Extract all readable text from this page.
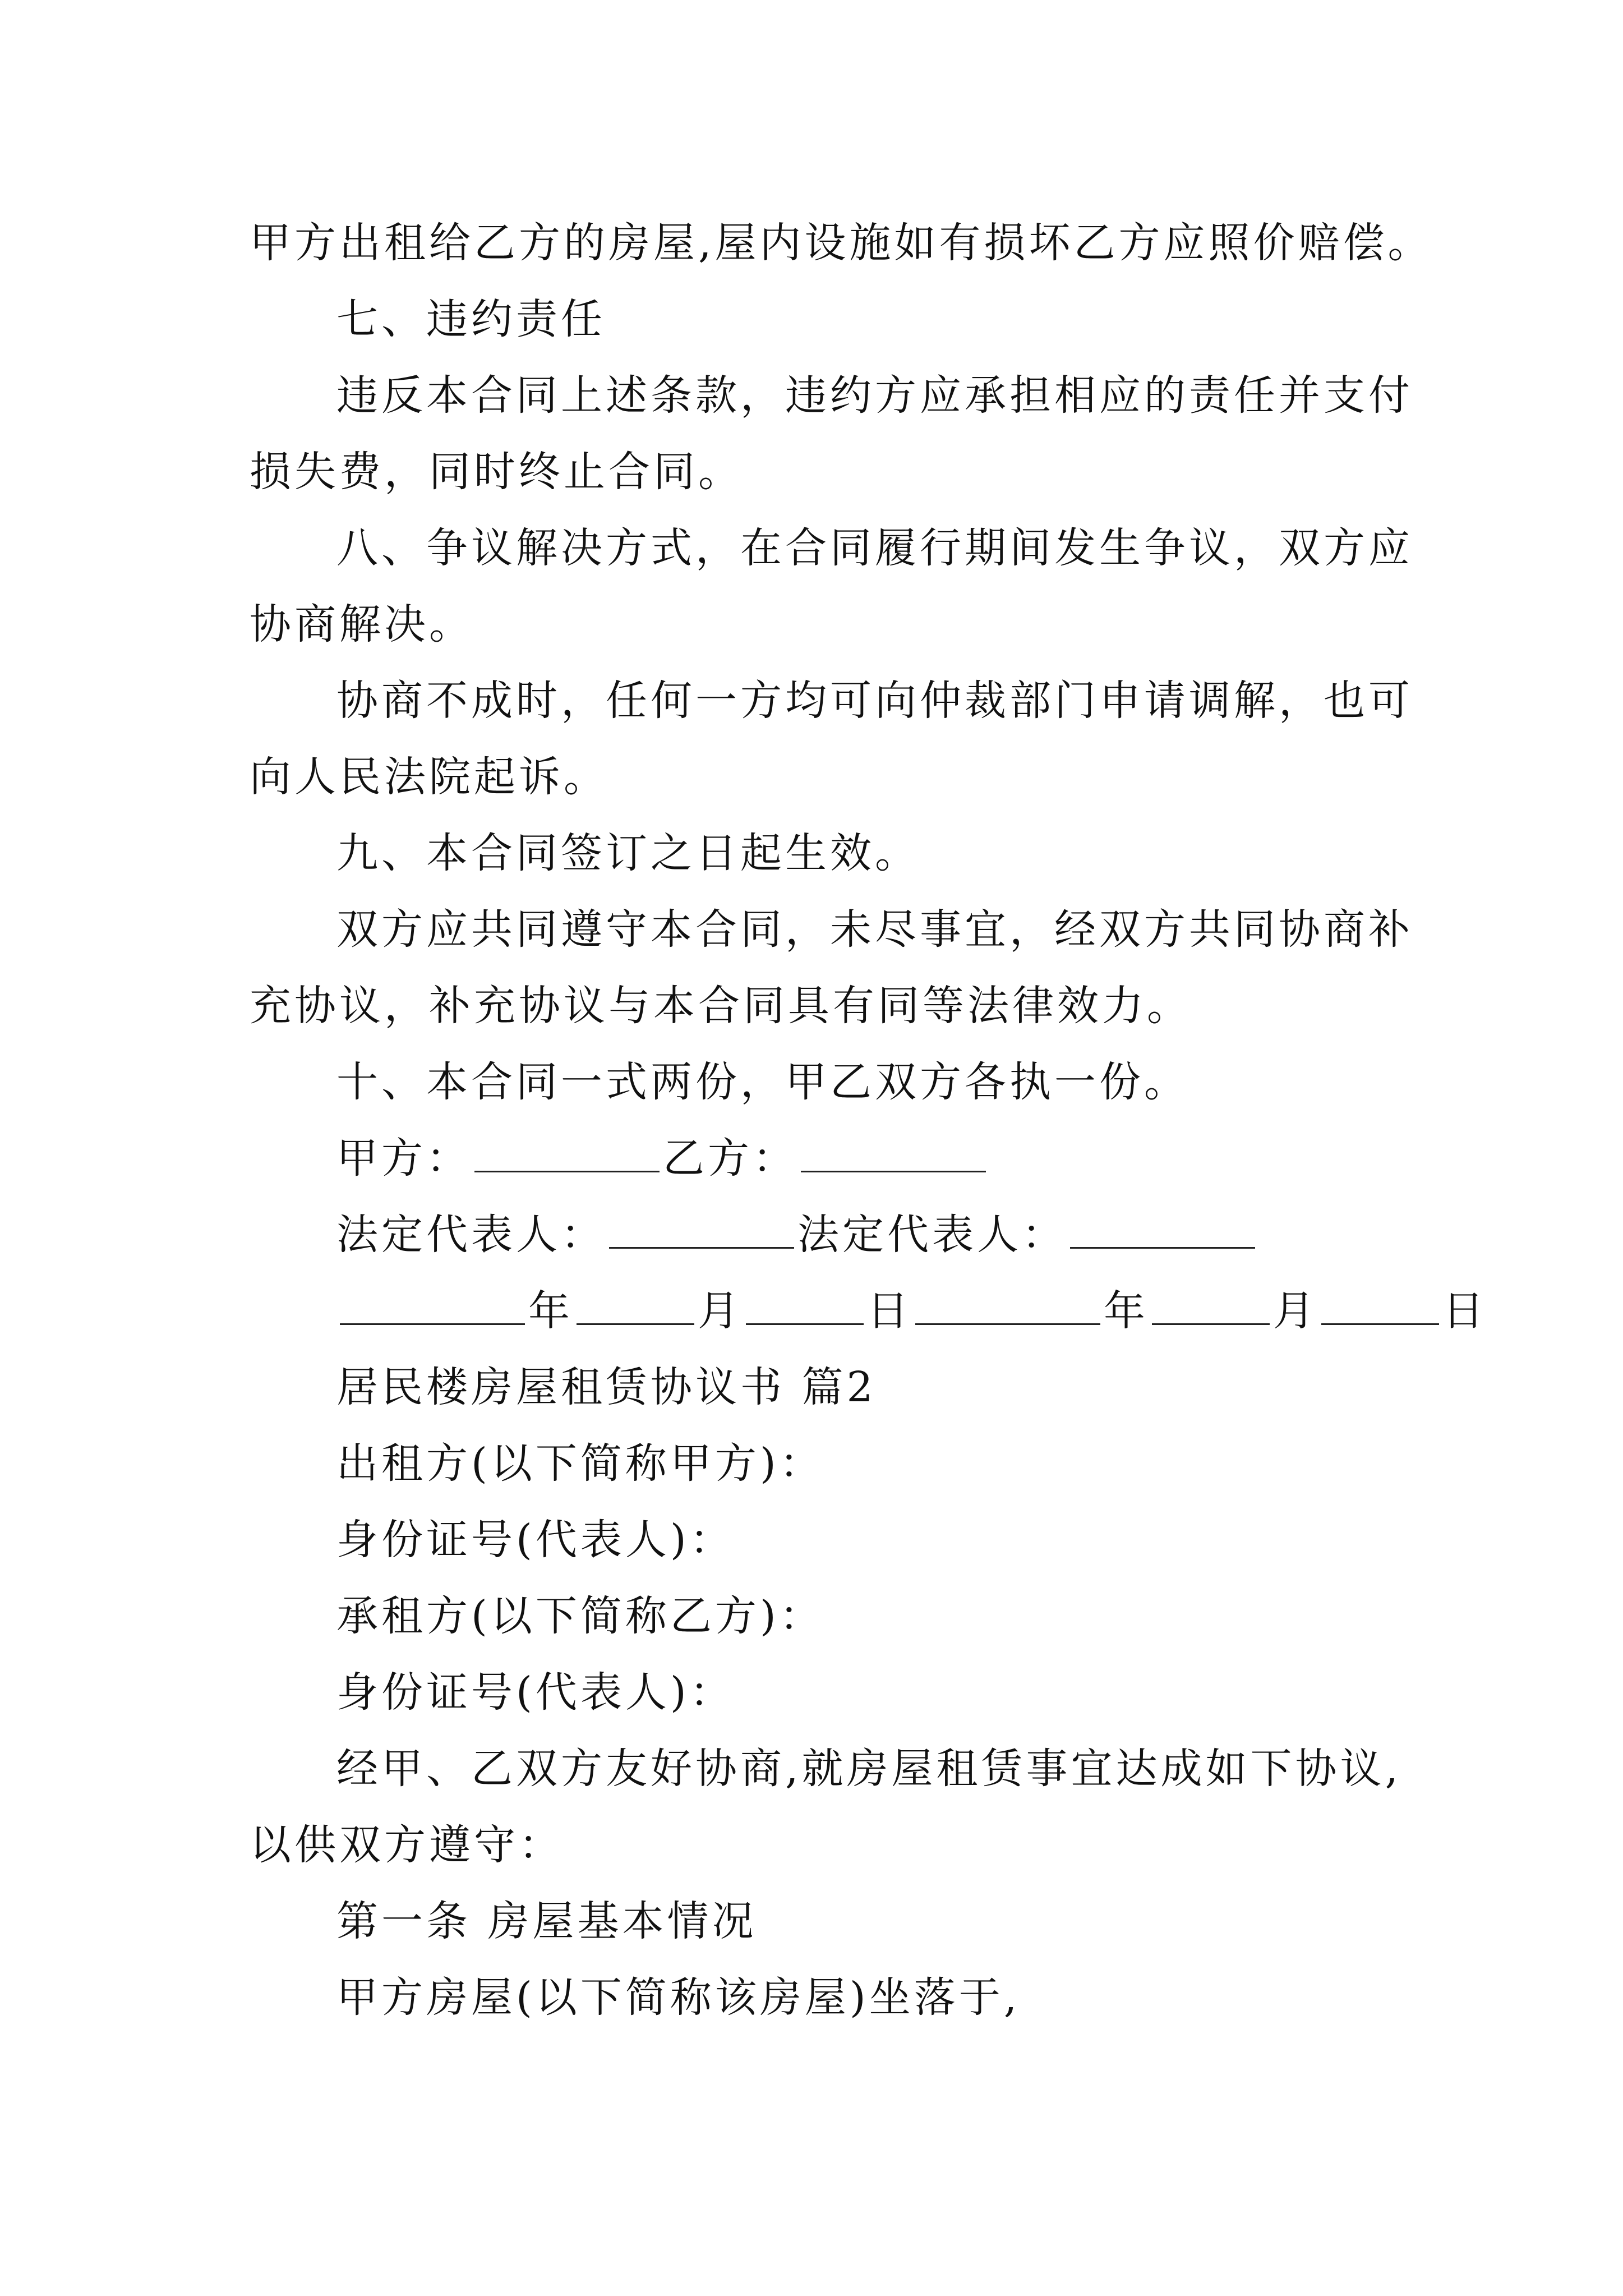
甲方出租给乙方的房屋,屋内设施如有损坏乙方应照价赔偿。
七、违约责任
违反本合同上述条款，违约方应承担相应的责任并支付
损失费，同时终止合同。
八、争议解决方式，在合同履行期间发生争议，双方应
协商解决。
协商不成时，任何一方均可向仲裁部门申请调解，也可
向人民法院起诉。
九、本合同签订之日起生效。
双方应共同遵守本合同，未尽事宜，经双方共同协商补
充协议，补充协议与本合同具有同等法律效力。
十、本合同一式两份，甲乙双方各执一份。
甲方：	乙方：
法定代表人：	法定代表人：
年	月	日	年	月	日
居民楼房屋租赁协议书 篇2
出租方(以下简称甲方)：
身份证号(代表人)：
承租方(以下简称乙方)：
身份证号(代表人)：
经甲、乙双方友好协商,就房屋租赁事宜达成如下协议,
以供双方遵守：
第一条 房屋基本情况
甲方房屋(以下简称该房屋)坐落于,
